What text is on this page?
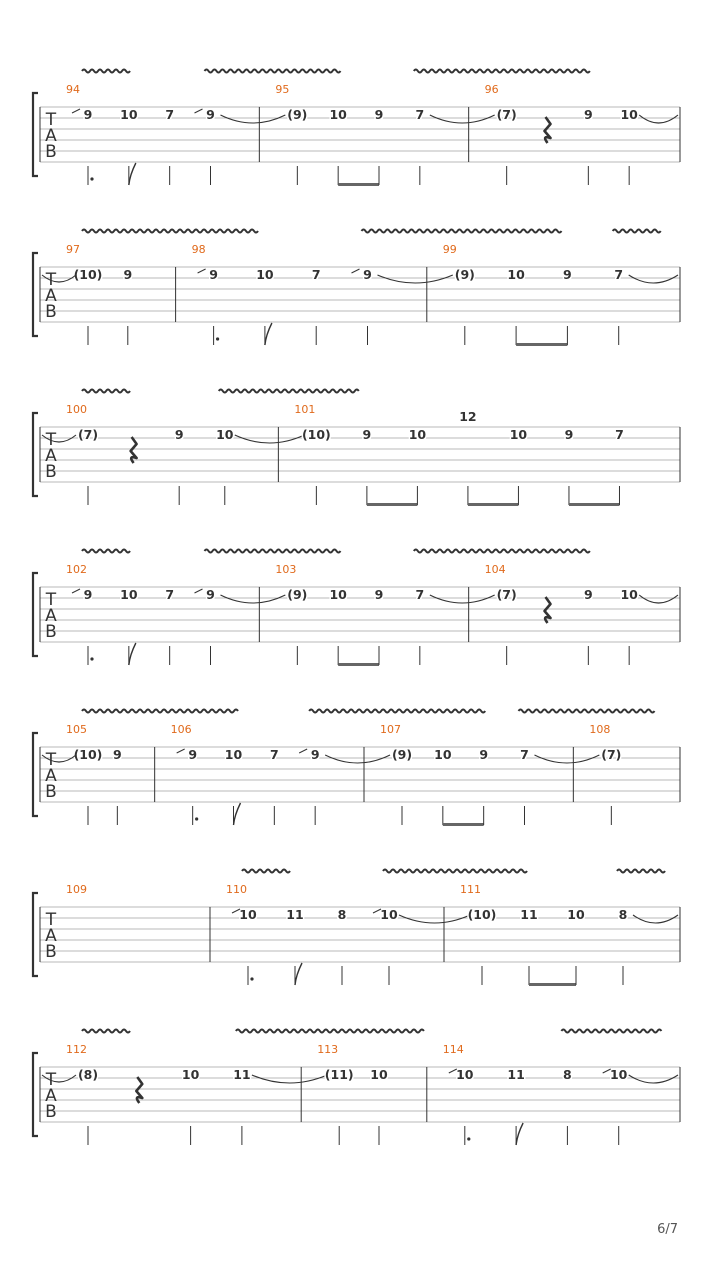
T
A
B
94	95	96
9 10 7	9	(9) 10 9	7	(7)	9 10
T
A
B
97	98	99
(10) 9	9	10	7	9	(9)	10	9	7
T
A
B
100	101
(7)	9	10	(10)	9	10
12
10	9	7
T
A
B
102	103	104
9 10 7	9	(9) 10 9	7	(7)	9 10
T
A
B
105	106	107	108
(10) 9	9 10 7	9	(9) 10 9	7	(7)
T
A
B
109	110	111
10 11	8	10	(10) 11 10	8
T
A
B
112	113	114
(8)	10	11	(11) 10	10	11	8	10
6/7
